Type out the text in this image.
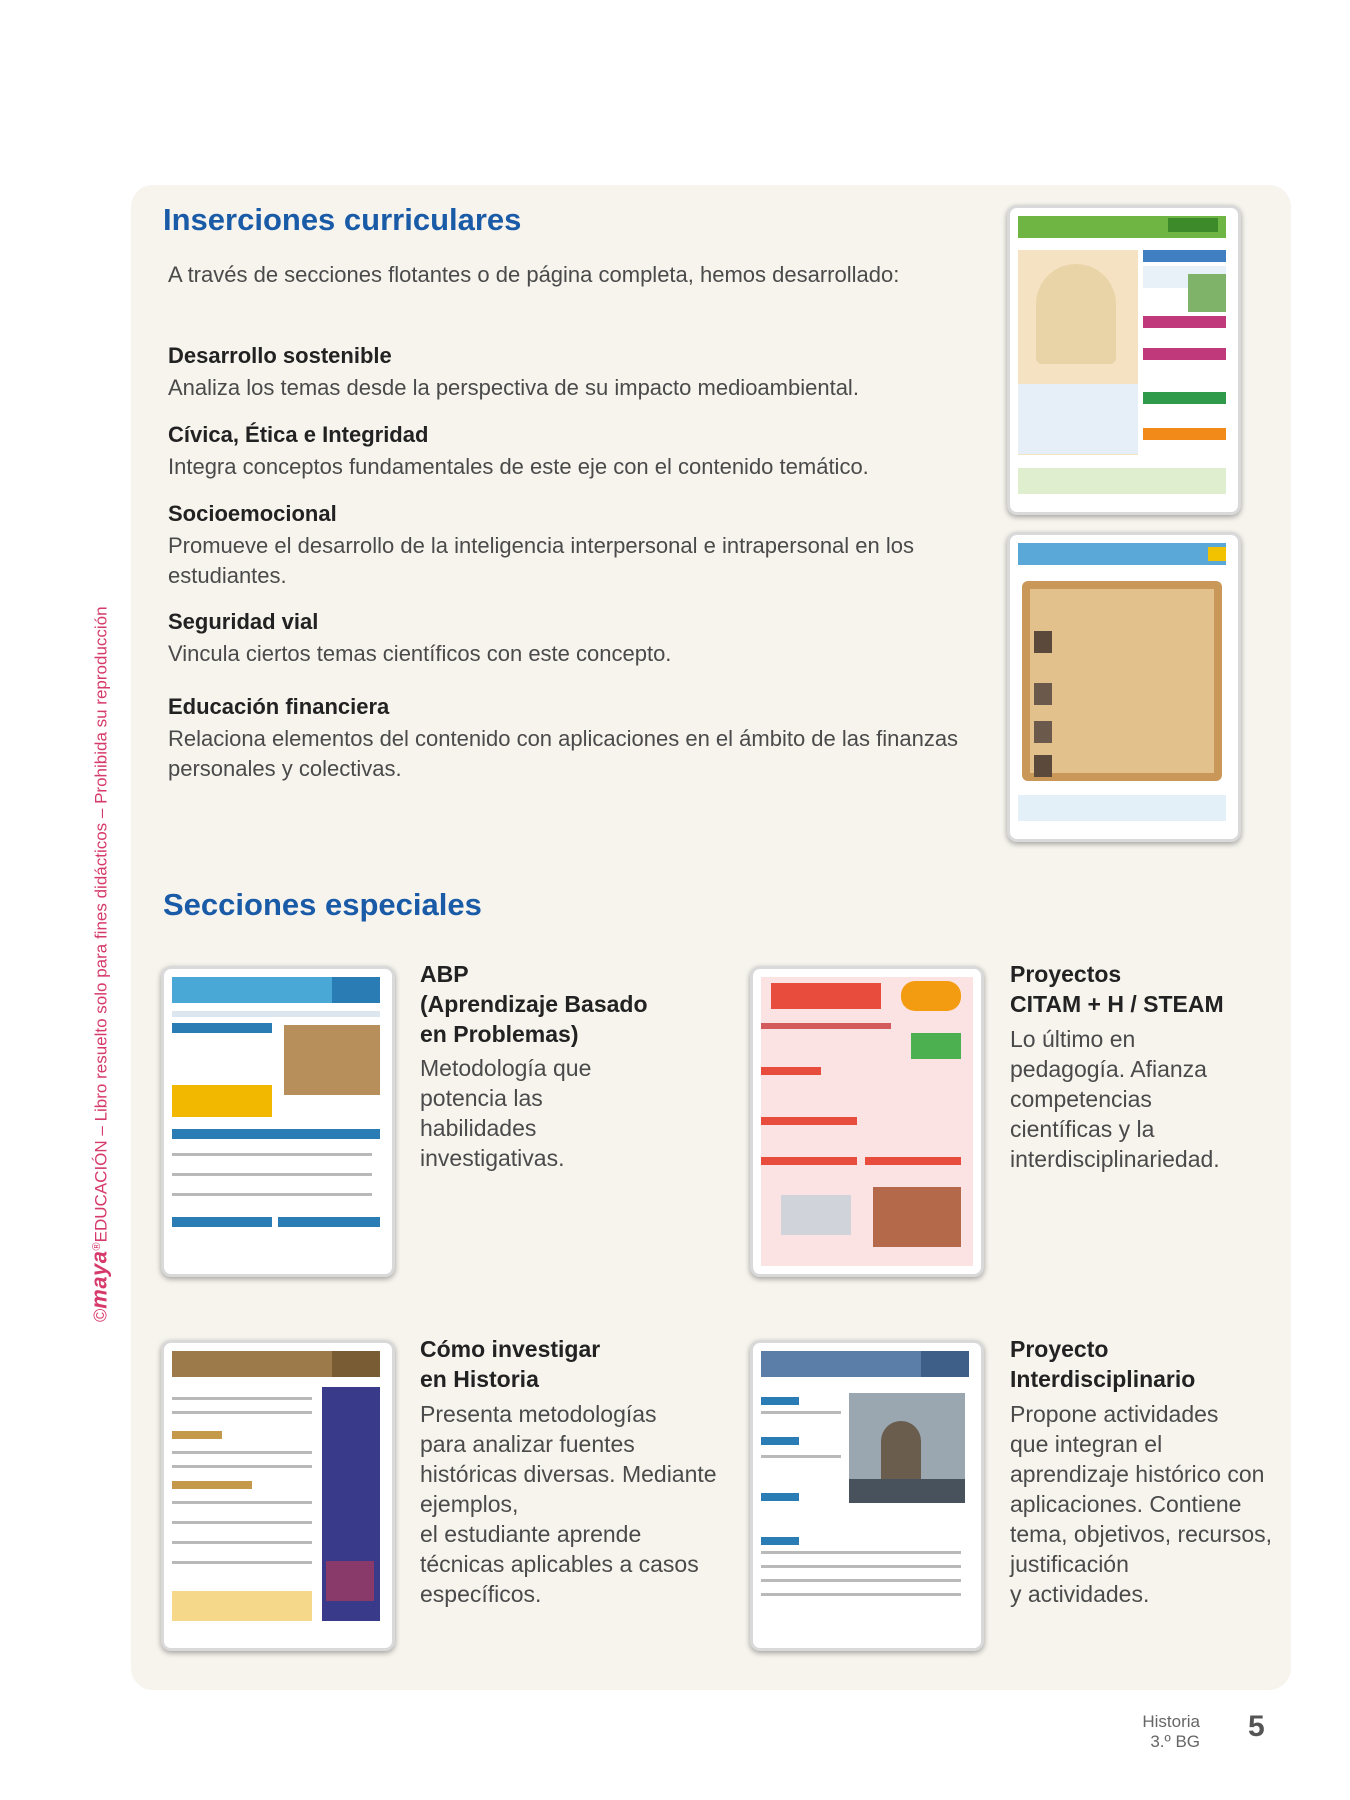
©maya®EDUCACIÓN – Libro resuelto solo para fines didácticos – Prohibida su reproducción
Inserciones curriculares

A través de secciones flotantes o de página completa, hemos desarrollado:

Desarrollo sostenible

Analiza los temas desde la perspectiva de su impacto medioambiental.

Cívica, Ética e Integridad

Integra conceptos fundamentales de este eje con el contenido temático.

Socioemocional

Promueve el desarrollo de la inteligencia interpersonal e intrapersonal en los estudiantes.

Seguridad vial

Vincula ciertos temas científicos con este concepto.

Educación financiera

Relaciona elementos del contenido con aplicaciones en el ámbito de las finanzas personales y colectivas.

Secciones especiales

ABP
(Aprendizaje Basado
en Problemas)

Metodología que
potencia las
habilidades
investigativas.

Proyectos
CITAM + H / STEAM

Lo último en
pedagogía. Afianza
competencias
científicas y la
interdisciplinariedad.

Cómo investigar
en Historia

Presenta metodologías
para analizar fuentes
históricas diversas. Mediante
ejemplos,
el estudiante aprende
técnicas aplicables a casos
específicos.

Proyecto
Interdisciplinario

Propone actividades
que integran el
aprendizaje histórico con
aplicaciones. Contiene
tema, objetivos, recursos,
justificación
y actividades.

Historia
3.º BG 5
